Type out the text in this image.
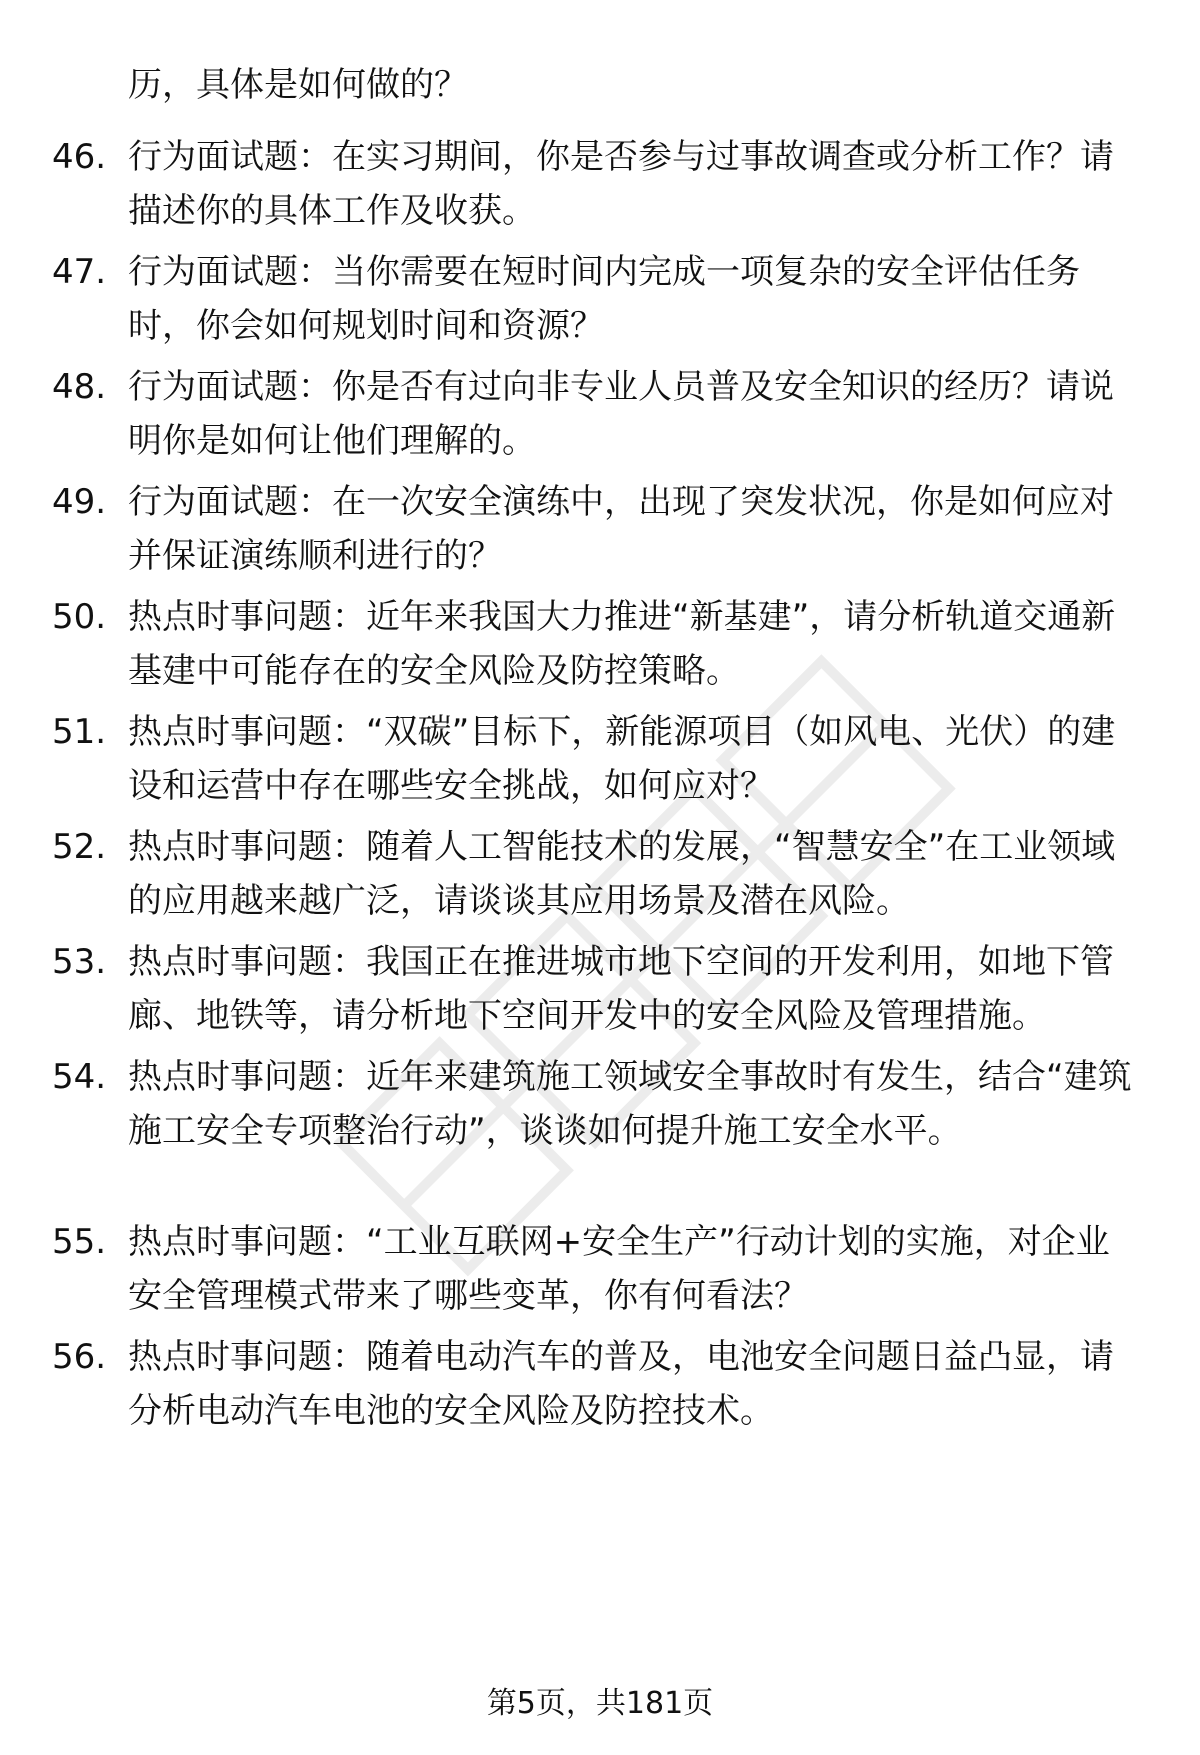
历，具体是如何做的？

46. 行为面试题：在实习期间，你是否参与过事故调查或分析工作？请描述你的具体工作及收获。
47. 行为面试题：当你需要在短时间内完成一项复杂的安全评估任务时，你会如何规划时间和资源？
48. 行为面试题：你是否有过向非专业人员普及安全知识的经历？请说明你是如何让他们理解的。
49. 行为面试题：在一次安全演练中，出现了突发状况，你是如何应对并保证演练顺利进行的？
50. 热点时事问题：近年来我国大力推进“新基建”，请分析轨道交通新基建中可能存在的安全风险及防控策略。
51. 热点时事问题：“双碳”目标下，新能源项目（如风电、光伏）的建设和运营中存在哪些安全挑战，如何应对？
52. 热点时事问题：随着人工智能技术的发展，“智慧安全”在工业领域的应用越来越广泛，请谈谈其应用场景及潜在风险。
53. 热点时事问题：我国正在推进城市地下空间的开发利用，如地下管廊、地铁等，请分析地下空间开发中的安全风险及管理措施。
54. 热点时事问题：近年来建筑施工领域安全事故时有发生，结合“建筑施工安全专项整治行动”，谈谈如何提升施工安全水平。
55. 热点时事问题：“工业互联网+安全生产”行动计划的实施，对企业安全管理模式带来了哪些变革，你有何看法？
56. 热点时事问题：随着电动汽车的普及，电池安全问题日益凸显，请分析电动汽车电池的安全风险及防控技术。
第5页，共181页
